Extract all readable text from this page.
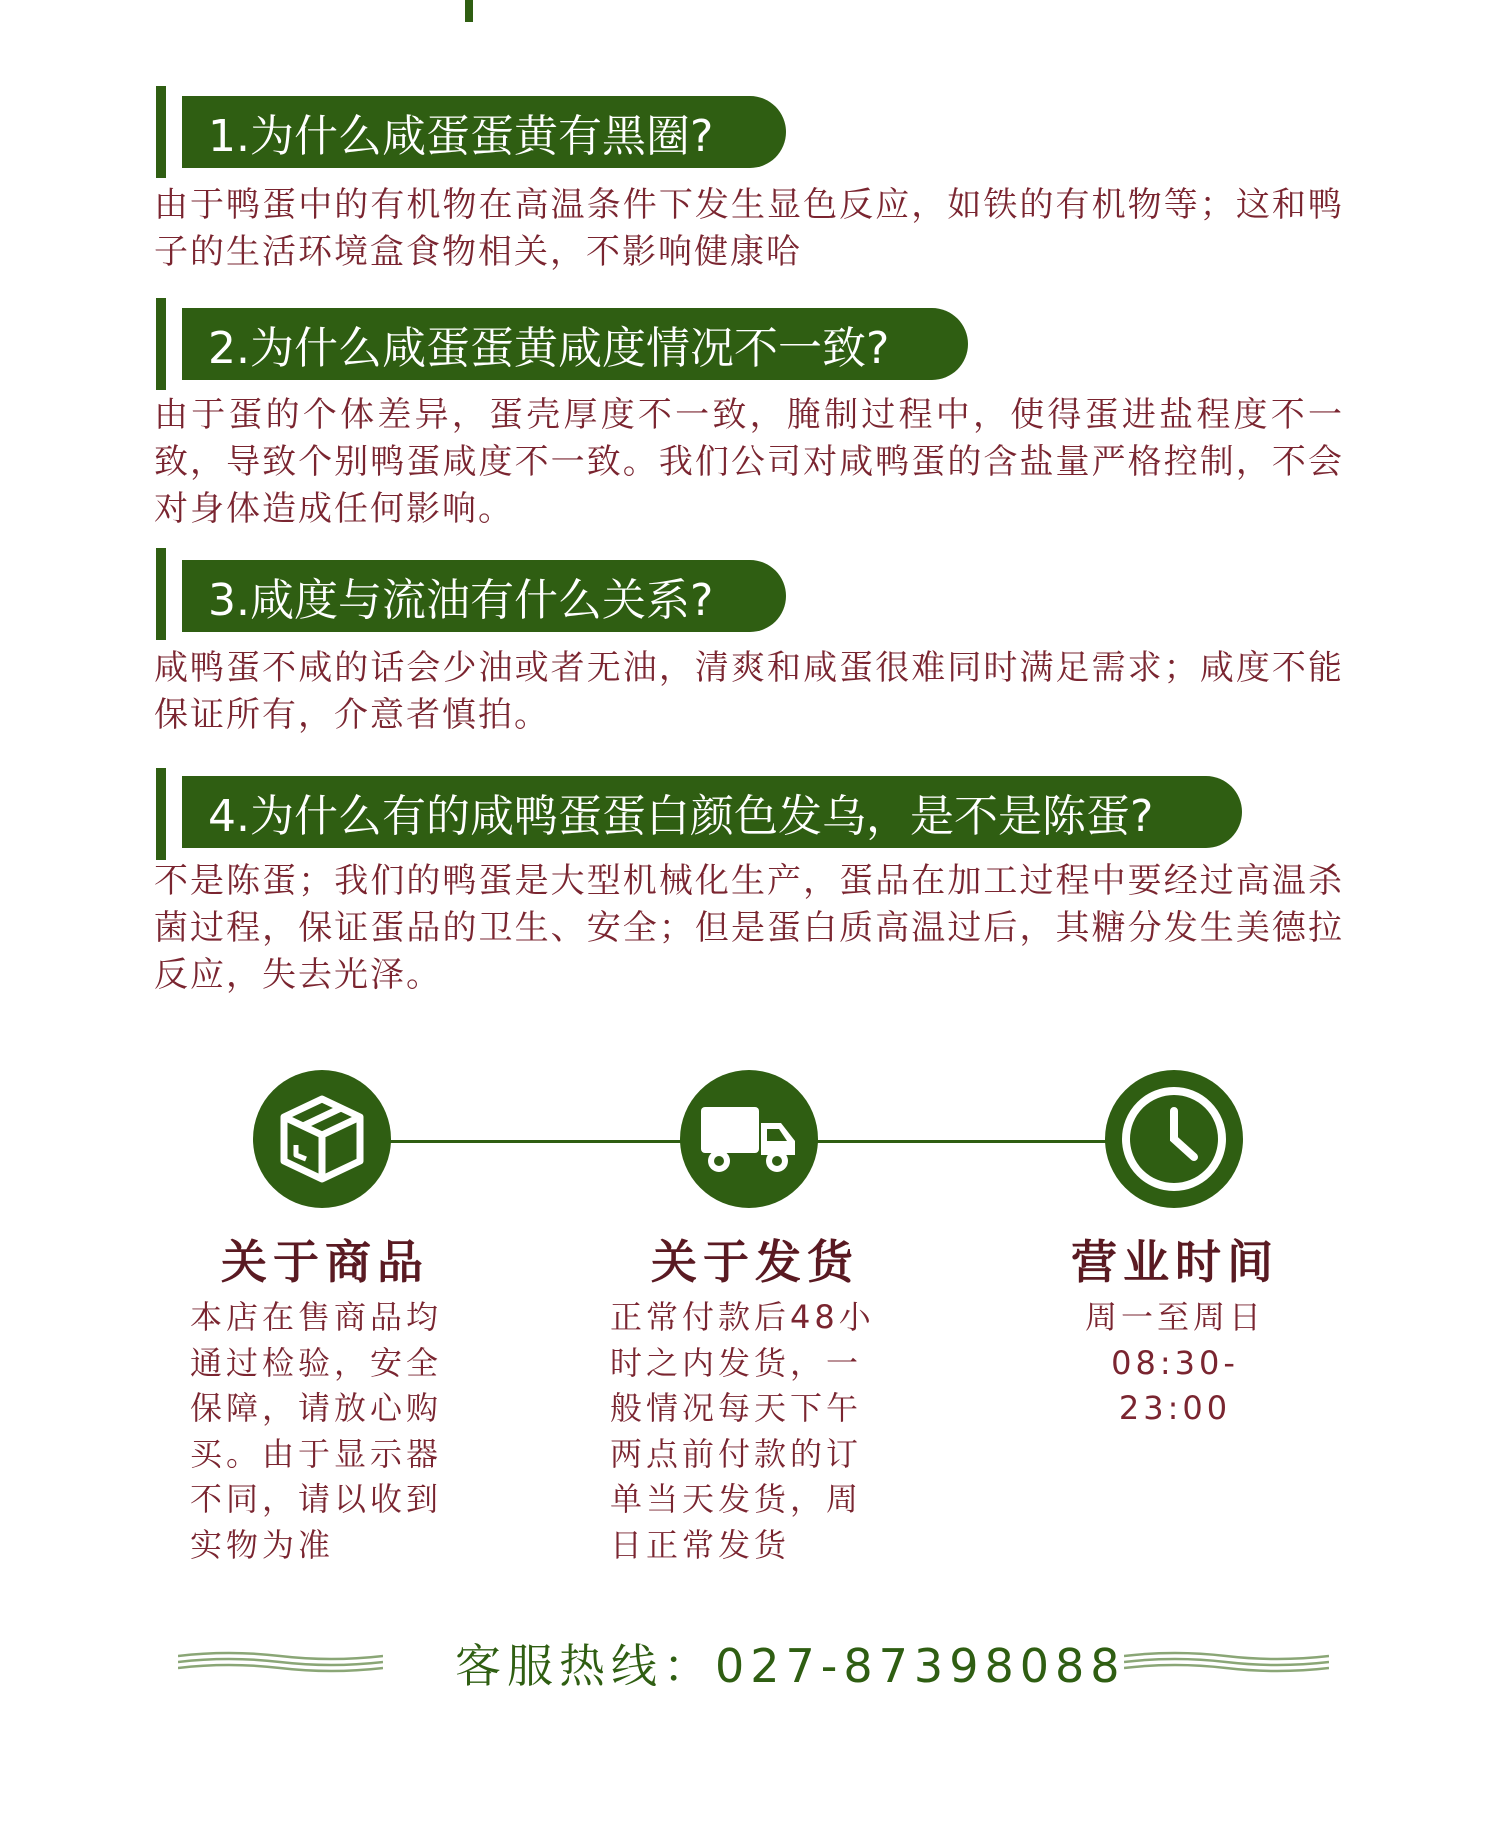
1.为什么咸蛋蛋黄有黑圈?
由于鸭蛋中的有机物在高温条件下发生显色反应，如铁的有机物等；这和鸭子的生活环境盒食物相关，不影响健康哈
2.为什么咸蛋蛋黄咸度情况不一致?
由于蛋的个体差异，蛋壳厚度不一致，腌制过程中，使得蛋进盐程度不一致，导致个别鸭蛋咸度不一致。我们公司对咸鸭蛋的含盐量严格控制，不会对身体造成任何影响。
3.咸度与流油有什么关系?
咸鸭蛋不咸的话会少油或者无油，清爽和咸蛋很难同时满足需求；咸度不能保证所有，介意者慎拍。
4.为什么有的咸鸭蛋蛋白颜色发乌，是不是陈蛋?
不是陈蛋；我们的鸭蛋是大型机械化生产，蛋品在加工过程中要经过高温杀菌过程，保证蛋品的卫生、安全；但是蛋白质高温过后，其糖分发生美德拉反应，失去光泽。
关于商品
本店在售商品均
通过检验，安全
保障，请放心购
买。由于显示器
不同，请以收到
实物为准
关于发货
正常付款后48小
时之内发货，一
般情况每天下午
两点前付款的订
单当天发货，周
日正常发货
营业时间
周一至周日
08:30-23:00
客服热线：027-87398088
